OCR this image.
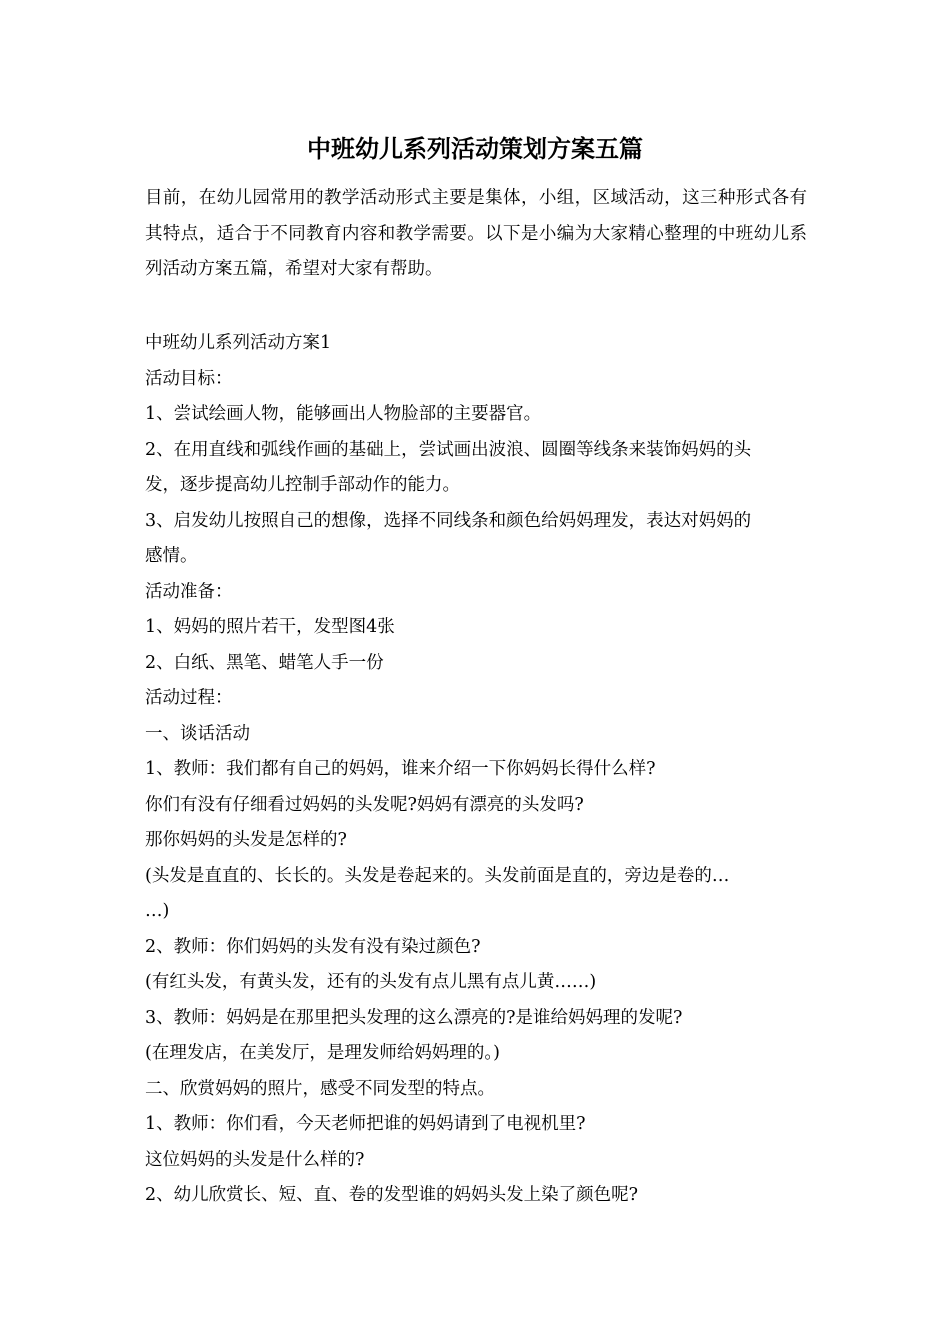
中班幼儿系列活动策划方案五篇

目前，在幼儿园常用的教学活动形式主要是集体，小组，区域活动，这三种形式各有其特点，适合于不同教育内容和教学需要。以下是小编为大家精心整理的中班幼儿系列活动方案五篇，希望对大家有帮助。

中班幼儿系列活动方案1
活动目标：
1、尝试绘画人物，能够画出人物脸部的主要器官。
2、在用直线和弧线作画的基础上，尝试画出波浪、圆圈等线条来装饰妈妈的头
发，逐步提高幼儿控制手部动作的能力。
3、启发幼儿按照自己的想像，选择不同线条和颜色给妈妈理发，表达对妈妈的
感情。
活动准备：
1、妈妈的照片若干，发型图4张
2、白纸、黑笔、蜡笔人手一份
活动过程：
一、谈话活动
1、教师：我们都有自己的妈妈，谁来介绍一下你妈妈长得什么样?
你们有没有仔细看过妈妈的头发呢?妈妈有漂亮的头发吗?
那你妈妈的头发是怎样的?
(头发是直直的、长长的。头发是卷起来的。头发前面是直的，旁边是卷的…
…)
2、教师：你们妈妈的头发有没有染过颜色?
(有红头发，有黄头发，还有的头发有点儿黑有点儿黄……)
3、教师：妈妈是在那里把头发理的这么漂亮的?是谁给妈妈理的发呢?
(在理发店，在美发厅，是理发师给妈妈理的。)
二、欣赏妈妈的照片，感受不同发型的特点。
1、教师：你们看，今天老师把谁的妈妈请到了电视机里?
这位妈妈的头发是什么样的?
2、幼儿欣赏长、短、直、卷的发型谁的妈妈头发上染了颜色呢?
